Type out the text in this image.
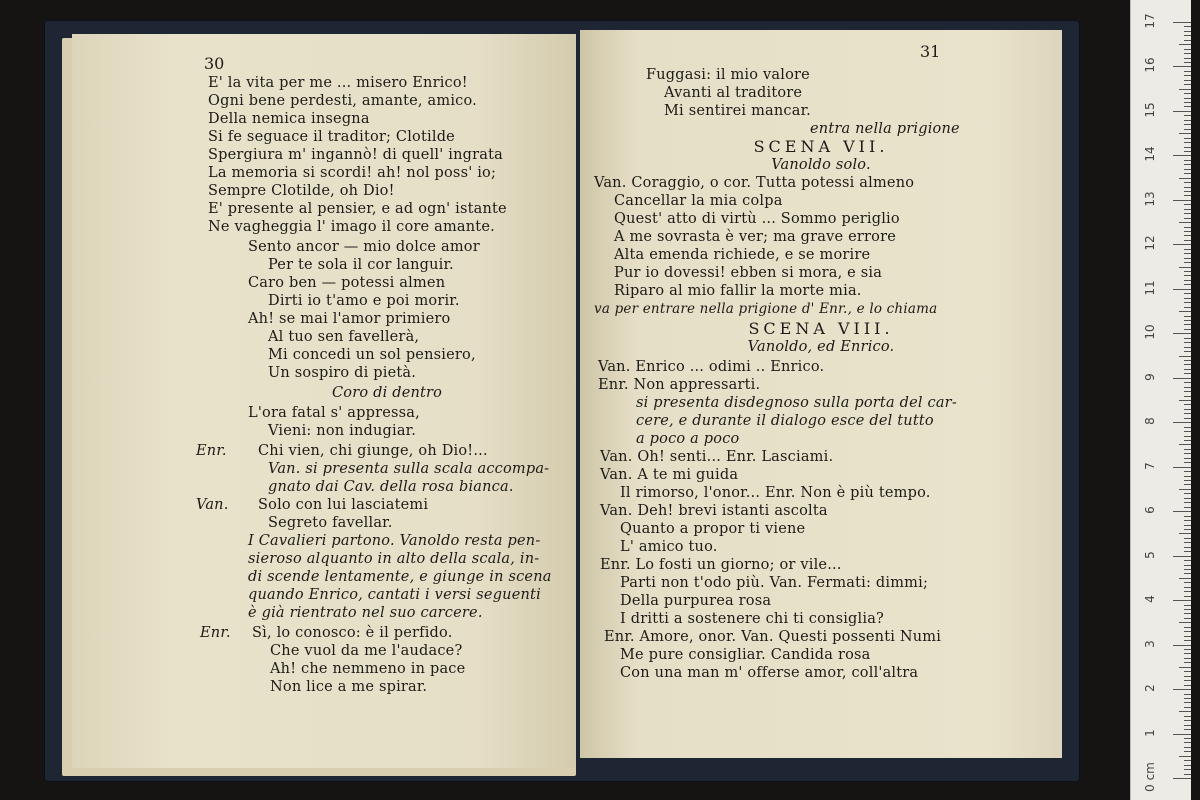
30
E' la vita per me ... misero Enrico!
Ogni bene perdesti, amante, amico.
Della nemica insegna
Si fe seguace il traditor; Clotilde
Spergiura m' ingannò! di quell' ingrata
La memoria si scordi! ah! nol poss' io;
Sempre Clotilde, oh Dio!
E' presente al pensier, e ad ogn' istante
Ne vagheggia l' imago il core amante.
Sento ancor — mio dolce amor
Per te sola il cor languir.
Caro ben — potessi almen
Dirti io t'amo e poi morir.
Ah! se mai l'amor primiero
Al tuo sen favellerà,
Mi concedi un sol pensiero,
Un sospiro di pietà.
Coro di dentro
L'ora fatal s' appressa,
Vieni: non indugiar.
Enr. Chi vien, chi giunge, oh Dio!...
Van. si presenta sulla scala accompa-
gnato dai Cav. della rosa bianca.
Van. Solo con lui lasciatemi
Segreto favellar.
I Cavalieri partono. Vanoldo resta pen-
sieroso alquanto in alto della scala, in-
di scende lentamente, e giunge in scena
quando Enrico, cantati i versi seguenti
è già rientrato nel suo carcere.
Enr. Sì, lo conosco: è il perfido.
Che vuol da me l'audace?
Ah! che nemmeno in pace
Non lice a me spirar.
31
Fuggasi: il mio valore
Avanti al traditore
Mi sentirei mancar.
entra nella prigione
SCENA VII.
Vanoldo solo.
Van. Coraggio, o cor. Tutta potessi almeno
Cancellar la mia colpa
Quest' atto di virtù ... Sommo periglio
A me sovrasta è ver; ma grave errore
Alta emenda richiede, e se morire
Pur io dovessi! ebben si mora, e sia
Riparo al mio fallir la morte mia.
va per entrare nella prigione d' Enr., e lo chiama
SCENA VIII.
Vanoldo, ed Enrico.
Van. Enrico ... odimi .. Enrico.
Enr. Non appressarti.
si presenta disdegnoso sulla porta del car-
cere, e durante il dialogo esce del tutto
a poco a poco
Van. Oh! senti... Enr. Lasciami.
Van. A te mi guida
Il rimorso, l'onor... Enr. Non è più tempo.
Van. Deh! brevi istanti ascolta
Quanto a propor ti viene
L' amico tuo.
Enr. Lo fosti un giorno; or vile...
Parti non t'odo più. Van. Fermati: dimmi;
Della purpurea rosa
I dritti a sostenere chi ti consiglia?
Enr. Amore, onor. Van. Questi possenti Numi
Me pure consigliar. Candida rosa
Con una man m' offerse amor, coll'altra
17
16
15
14
13
12
11
10
9
8
7
6
5
4
3
2
1
0 cm
